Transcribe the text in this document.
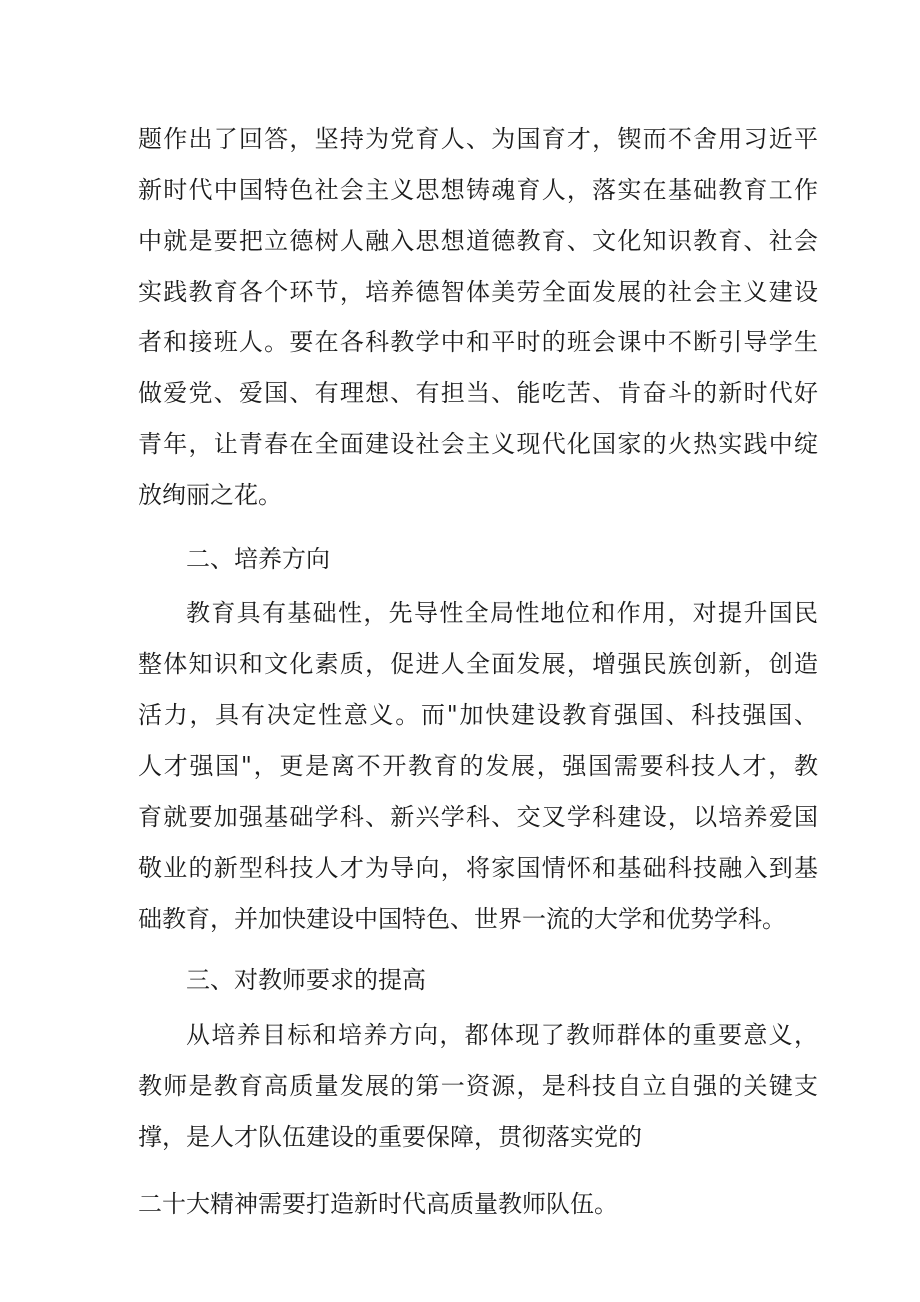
题作出了回答，坚持为党育人、为国育才，锲而不舍用习近平
新时代中国特色社会主义思想铸魂育人，落实在基础教育工作
中就是要把立德树人融入思想道德教育、文化知识教育、社会
实践教育各个环节，培养德智体美劳全面发展的社会主义建设
者和接班人。要在各科教学中和平时的班会课中不断引导学生
做爱党、爱国、有理想、有担当、能吃苦、肯奋斗的新时代好
青年，让青春在全面建设社会主义现代化国家的火热实践中绽
放绚丽之花。
二、培养方向
教育具有基础性，先导性全局性地位和作用，对提升国民
整体知识和文化素质，促进人全面发展，增强民族创新，创造
活力，具有决定性意义。而"加快建设教育强国、科技强国、
人才强国"，更是离不开教育的发展，强国需要科技人才，教
育就要加强基础学科、新兴学科、交叉学科建设，以培养爱国
敬业的新型科技人才为导向，将家国情怀和基础科技融入到基
础教育，并加快建设中国特色、世界一流的大学和优势学科。
三、对教师要求的提高
从培养目标和培养方向，都体现了教师群体的重要意义，
教师是教育高质量发展的第一资源，是科技自立自强的关键支
撑，是人才队伍建设的重要保障，贯彻落实党的
二十大精神需要打造新时代高质量教师队伍。
